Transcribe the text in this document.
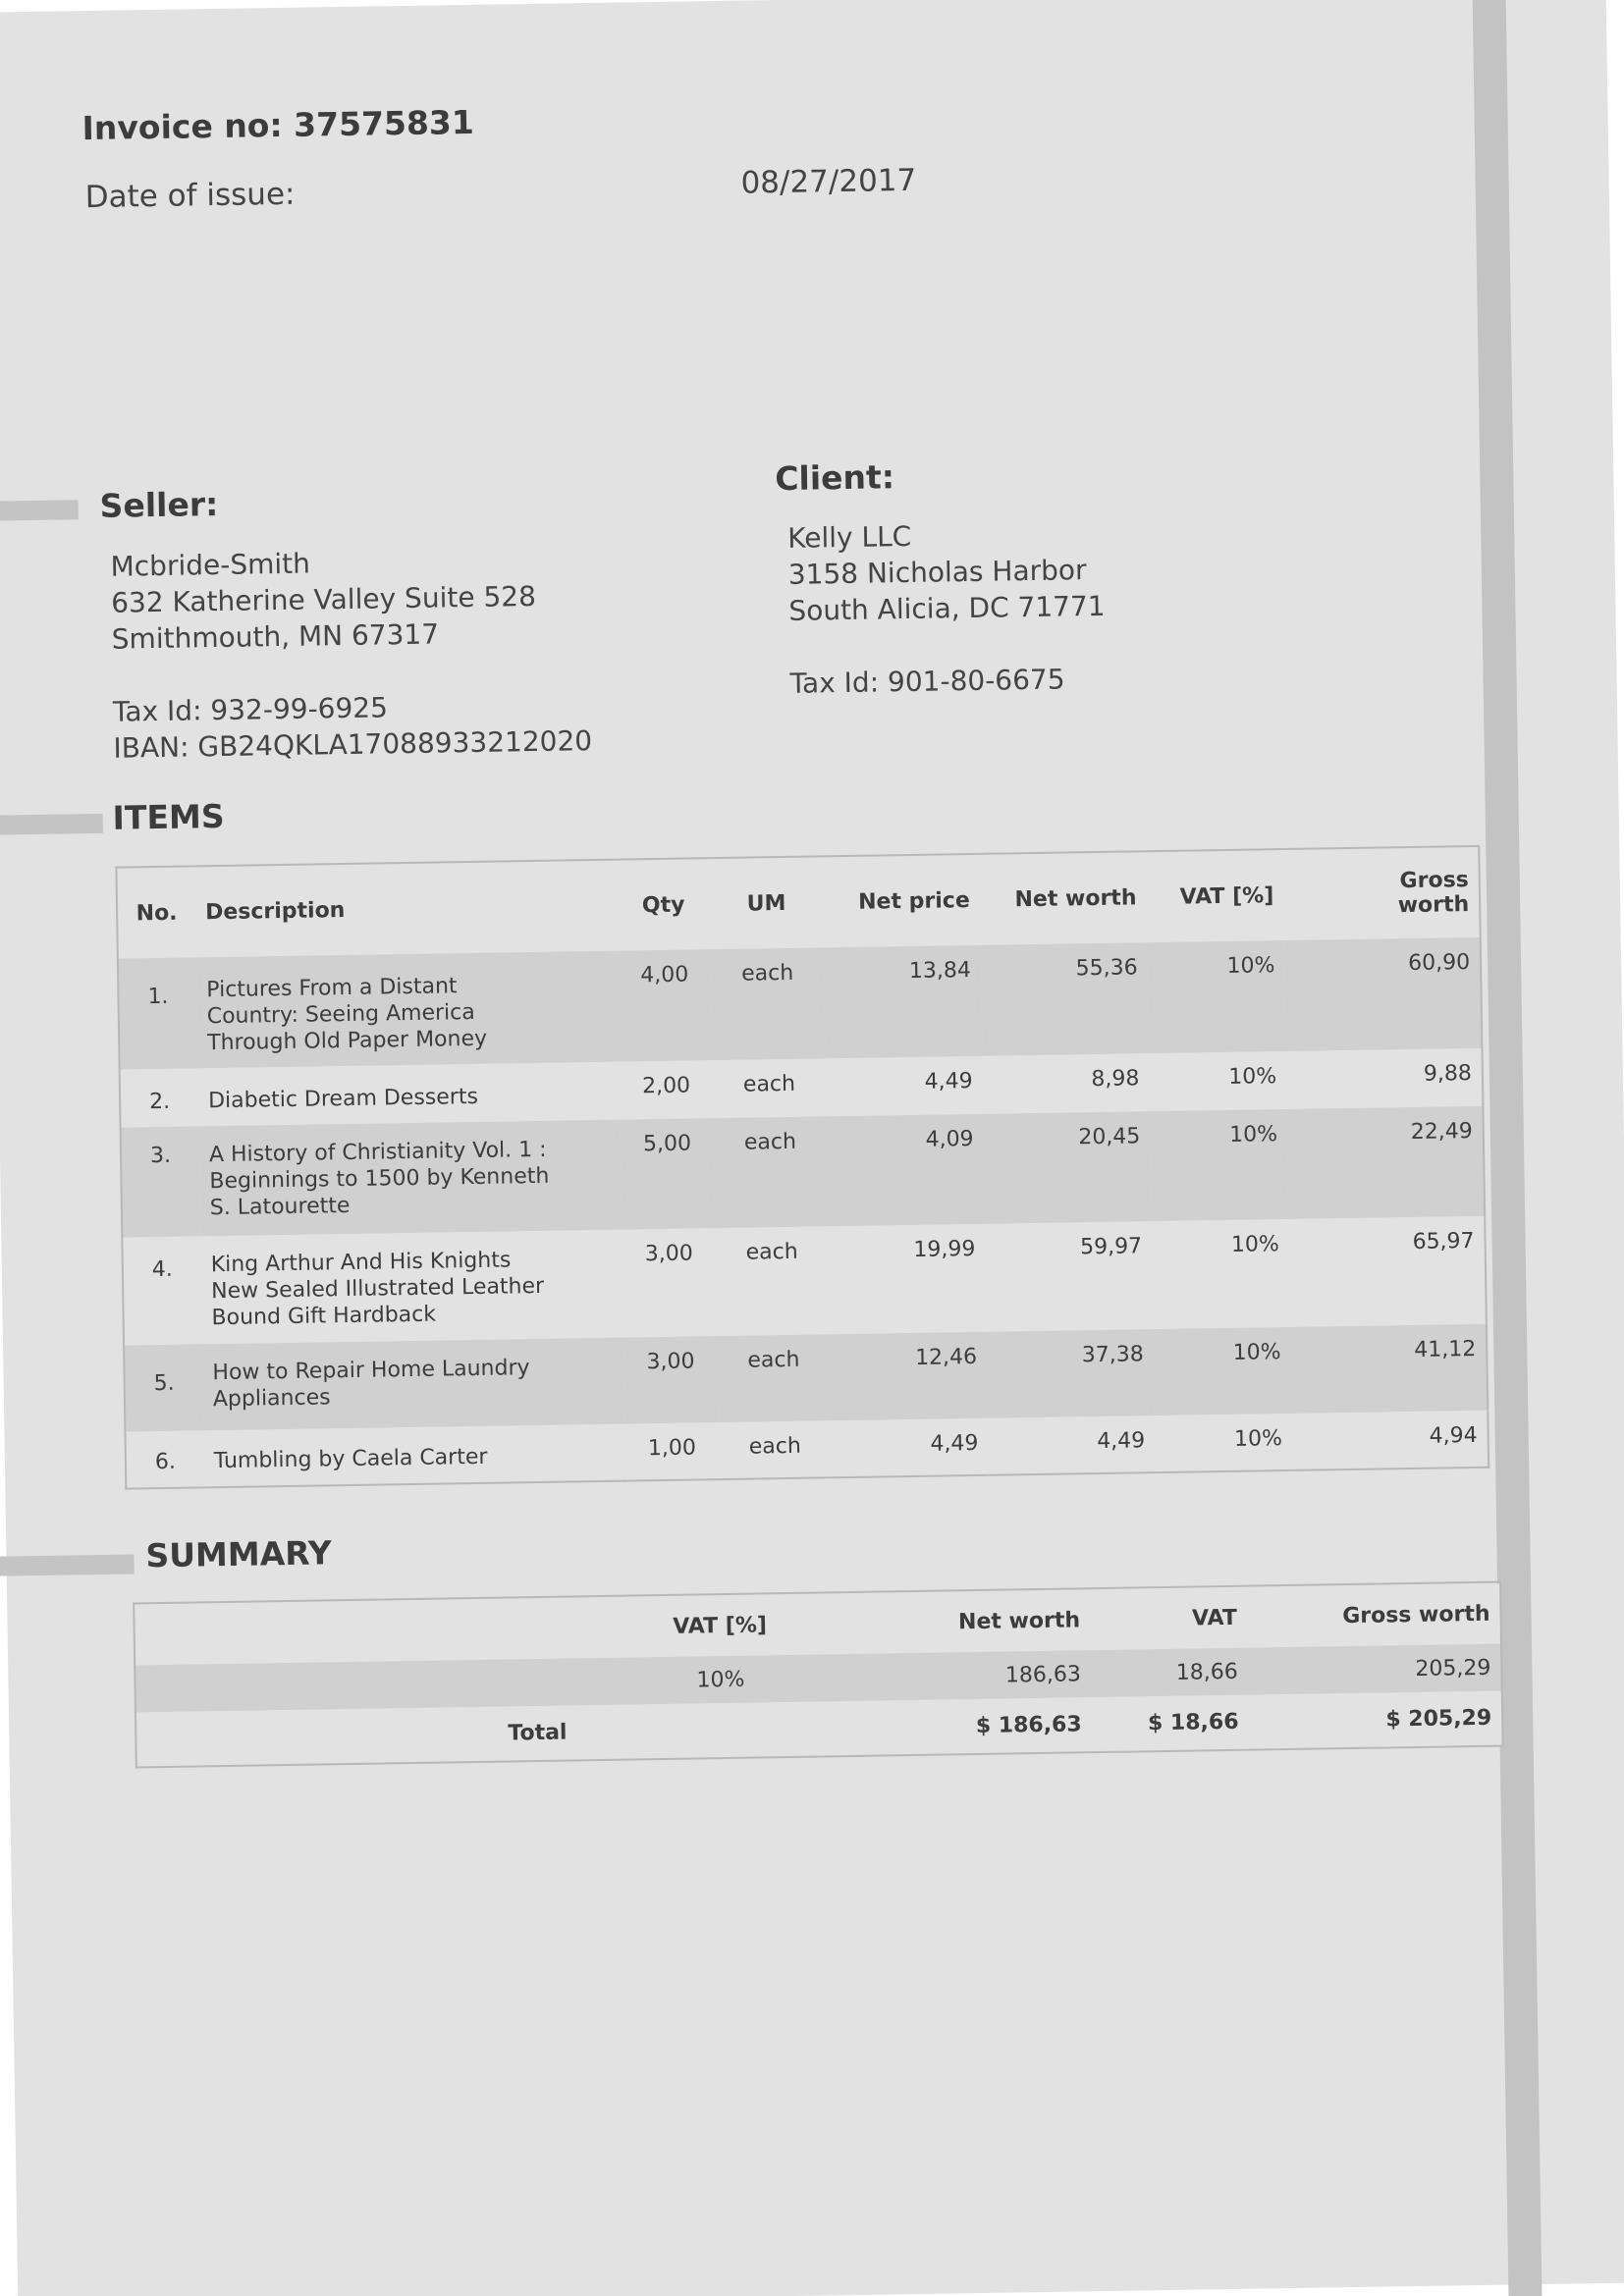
Invoice no: 37575831
Date of issue:	08/27/2017
Seller:
Mcbride-Smith
632 Katherine Valley Suite 528
Smithmouth, MN 67317
Tax Id: 932-99-6925
IBAN: GB24QKLA17088933212020
Client:
Kelly LLC
3158 Nicholas Harbor
South Alicia, DC 71771
Tax Id: 901-80-6675
ITEMS
No.	Description	Qty	UM	Net price	Net worth	VAT [%]	Gross
worth

1.	Pictures From a Distant
Country: Seeing America
Through Old Paper Money	4,00	each	13,84	55,36	10%	60,90
2.	Diabetic Dream Desserts	2,00	each	4,49	8,98	10%	9,88
3.	A History of Christianity Vol. 1 :
Beginnings to 1500 by Kenneth
S. Latourette	5,00	each	4,09	20,45	10%	22,49
4.	King Arthur And His Knights
New Sealed Illustrated Leather
Bound Gift Hardback	3,00	each	19,99	59,97	10%	65,97
5.	How to Repair Home Laundry
Appliances	3,00	each	12,46	37,38	10%	41,12
6.	Tumbling by Caela Carter	1,00	each	4,49	4,49	10%	4,94
SUMMARY
	VAT [%]	Net worth	VAT	Gross worth
	10%	186,63	18,66	205,29
Total		$ 186,63	$ 18,66	$ 205,29
